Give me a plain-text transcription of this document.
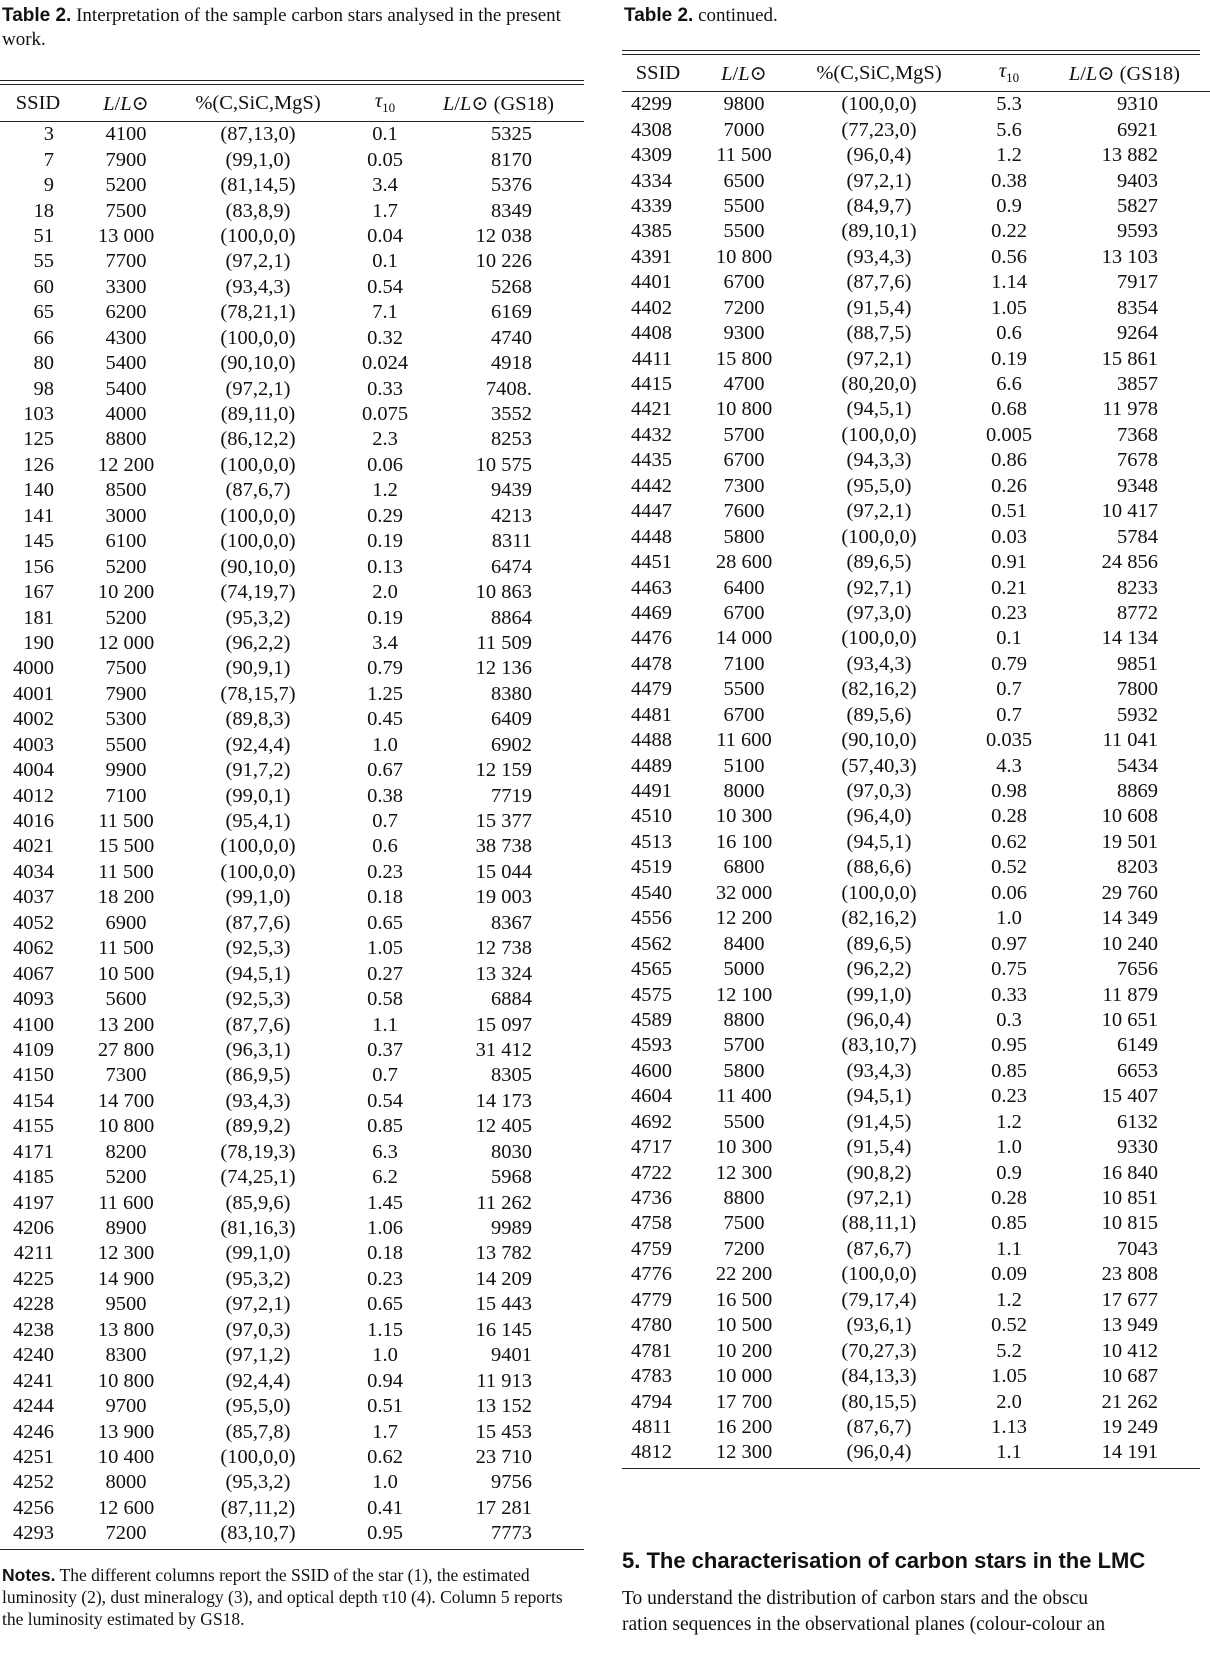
Table 2. Interpretation of the sample carbon stars analysed in the present work.
SSID	L/L⊙	%(C,SiC,MgS)	$\tau_{10}$	L/L⊙ (GS18)
3	4100	(87,13,0)	0.1	5325
7	7900	(99,1,0)	0.05	8170
9	5200	(81,14,5)	3.4	5376
18	7500	(83,8,9)	1.7	8349
51	13 000	(100,0,0)	0.04	12 038
55	7700	(97,2,1)	0.1	10 226
60	3300	(93,4,3)	0.54	5268
65	6200	(78,21,1)	7.1	6169
66	4300	(100,0,0)	0.32	4740
80	5400	(90,10,0)	0.024	4918
98	5400	(97,2,1)	0.33	7408.
103	4000	(89,11,0)	0.075	3552
125	8800	(86,12,2)	2.3	8253
126	12 200	(100,0,0)	0.06	10 575
140	8500	(87,6,7)	1.2	9439
141	3000	(100,0,0)	0.29	4213
145	6100	(100,0,0)	0.19	8311
156	5200	(90,10,0)	0.13	6474
167	10 200	(74,19,7)	2.0	10 863
181	5200	(95,3,2)	0.19	8864
190	12 000	(96,2,2)	3.4	11 509
4000	7500	(90,9,1)	0.79	12 136
4001	7900	(78,15,7)	1.25	8380
4002	5300	(89,8,3)	0.45	6409
4003	5500	(92,4,4)	1.0	6902
4004	9900	(91,7,2)	0.67	12 159
4012	7100	(99,0,1)	0.38	7719
4016	11 500	(95,4,1)	0.7	15 377
4021	15 500	(100,0,0)	0.6	38 738
4034	11 500	(100,0,0)	0.23	15 044
4037	18 200	(99,1,0)	0.18	19 003
4052	6900	(87,7,6)	0.65	8367
4062	11 500	(92,5,3)	1.05	12 738
4067	10 500	(94,5,1)	0.27	13 324
4093	5600	(92,5,3)	0.58	6884
4100	13 200	(87,7,6)	1.1	15 097
4109	27 800	(96,3,1)	0.37	31 412
4150	7300	(86,9,5)	0.7	8305
4154	14 700	(93,4,3)	0.54	14 173
4155	10 800	(89,9,2)	0.85	12 405
4171	8200	(78,19,3)	6.3	8030
4185	5200	(74,25,1)	6.2	5968
4197	11 600	(85,9,6)	1.45	11 262
4206	8900	(81,16,3)	1.06	9989
4211	12 300	(99,1,0)	0.18	13 782
4225	14 900	(95,3,2)	0.23	14 209
4228	9500	(97,2,1)	0.65	15 443
4238	13 800	(97,0,3)	1.15	16 145
4240	8300	(97,1,2)	1.0	9401
4241	10 800	(92,4,4)	0.94	11 913
4244	9700	(95,5,0)	0.51	13 152
4246	13 900	(85,7,8)	1.7	15 453
4251	10 400	(100,0,0)	0.62	23 710
4252	8000	(95,3,2)	1.0	9756
4256	12 600	(87,11,2)	0.41	17 281
4293	7200	(83,10,7)	0.95	7773
Notes. The different columns report the SSID of the star (1), the estimated luminosity (2), dust mineralogy (3), and optical depth τ10 (4). Column 5 reports the luminosity estimated by GS18.
Table 2. continued.
SSID	L/L⊙	%(C,SiC,MgS)	$\tau_{10}$	L/L⊙ (GS18)
4299	9800	(100,0,0)	5.3	9310
4308	7000	(77,23,0)	5.6	6921
4309	11 500	(96,0,4)	1.2	13 882
4334	6500	(97,2,1)	0.38	9403
4339	5500	(84,9,7)	0.9	5827
4385	5500	(89,10,1)	0.22	9593
4391	10 800	(93,4,3)	0.56	13 103
4401	6700	(87,7,6)	1.14	7917
4402	7200	(91,5,4)	1.05	8354
4408	9300	(88,7,5)	0.6	9264
4411	15 800	(97,2,1)	0.19	15 861
4415	4700	(80,20,0)	6.6	3857
4421	10 800	(94,5,1)	0.68	11 978
4432	5700	(100,0,0)	0.005	7368
4435	6700	(94,3,3)	0.86	7678
4442	7300	(95,5,0)	0.26	9348
4447	7600	(97,2,1)	0.51	10 417
4448	5800	(100,0,0)	0.03	5784
4451	28 600	(89,6,5)	0.91	24 856
4463	6400	(92,7,1)	0.21	8233
4469	6700	(97,3,0)	0.23	8772
4476	14 000	(100,0,0)	0.1	14 134
4478	7100	(93,4,3)	0.79	9851
4479	5500	(82,16,2)	0.7	7800
4481	6700	(89,5,6)	0.7	5932
4488	11 600	(90,10,0)	0.035	11 041
4489	5100	(57,40,3)	4.3	5434
4491	8000	(97,0,3)	0.98	8869
4510	10 300	(96,4,0)	0.28	10 608
4513	16 100	(94,5,1)	0.62	19 501
4519	6800	(88,6,6)	0.52	8203
4540	32 000	(100,0,0)	0.06	29 760
4556	12 200	(82,16,2)	1.0	14 349
4562	8400	(89,6,5)	0.97	10 240
4565	5000	(96,2,2)	0.75	7656
4575	12 100	(99,1,0)	0.33	11 879
4589	8800	(96,0,4)	0.3	10 651
4593	5700	(83,10,7)	0.95	6149
4600	5800	(93,4,3)	0.85	6653
4604	11 400	(94,5,1)	0.23	15 407
4692	5500	(91,4,5)	1.2	6132
4717	10 300	(91,5,4)	1.0	9330
4722	12 300	(90,8,2)	0.9	16 840
4736	8800	(97,2,1)	0.28	10 851
4758	7500	(88,11,1)	0.85	10 815
4759	7200	(87,6,7)	1.1	7043
4776	22 200	(100,0,0)	0.09	23 808
4779	16 500	(79,17,4)	1.2	17 677
4780	10 500	(93,6,1)	0.52	13 949
4781	10 200	(70,27,3)	5.2	10 412
4783	10 000	(84,13,3)	1.05	10 687
4794	17 700	(80,15,5)	2.0	21 262
4811	16 200	(87,6,7)	1.13	19 249
4812	12 300	(96,0,4)	1.1	14 191
5. The characterisation of carbon stars in the LMC
To understand the distribution of carbon stars and the obscu
ration sequences in the observational planes (colour-colour an
